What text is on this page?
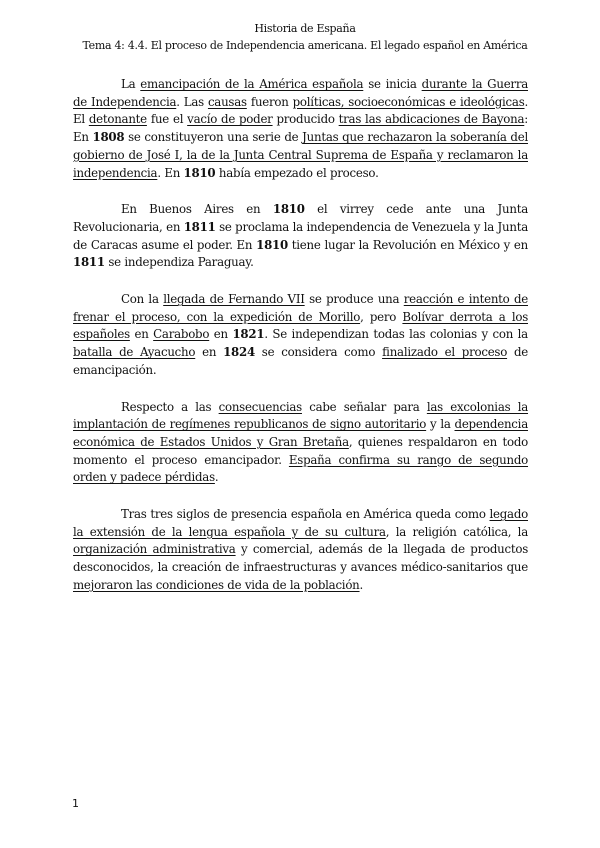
Historia de España
Tema 4: 4.4. El proceso de Independencia americana. El legado español en América

La emancipación de la América española se inicia durante la Guerra de Independencia. Las causas fueron políticas, socioeconómicas e ideológicas. El detonante fue el vacío de poder producido tras las abdicaciones de Bayona: En 1808 se constituyeron una serie de Juntas que rechazaron la soberanía del gobierno de José I, la de la Junta Central Suprema de España y reclamaron la independencia. En 1810 había empezado el proceso.

En Buenos Aires en 1810 el virrey cede ante una Junta Revolucionaria, en 1811 se proclama la independencia de Venezuela y la Junta de Caracas asume el poder. En 1810 tiene lugar la Revolución en México y en 1811 se independiza Paraguay.

Con la llegada de Fernando VII se produce una reacción e intento de frenar el proceso, con la expedición de Morillo, pero Bolívar derrota a los españoles en Carabobo en 1821. Se independizan todas las colonias y con la batalla de Ayacucho en 1824 se considera como finalizado el proceso de emancipación.

Respecto a las consecuencias cabe señalar para las excolonias la implantación de regímenes republicanos de signo autoritario y la dependencia económica de Estados Unidos y Gran Bretaña, quienes respaldaron en todo momento el proceso emancipador. España confirma su rango de segundo orden y padece pérdidas.

Tras tres siglos de presencia española en América queda como legado la extensión de la lengua española y de su cultura, la religión católica, la organización administrativa y comercial, además de la llegada de productos desconocidos, la creación de infraestructuras y avances médico-sanitarios que mejoraron las condiciones de vida de la población.

1
